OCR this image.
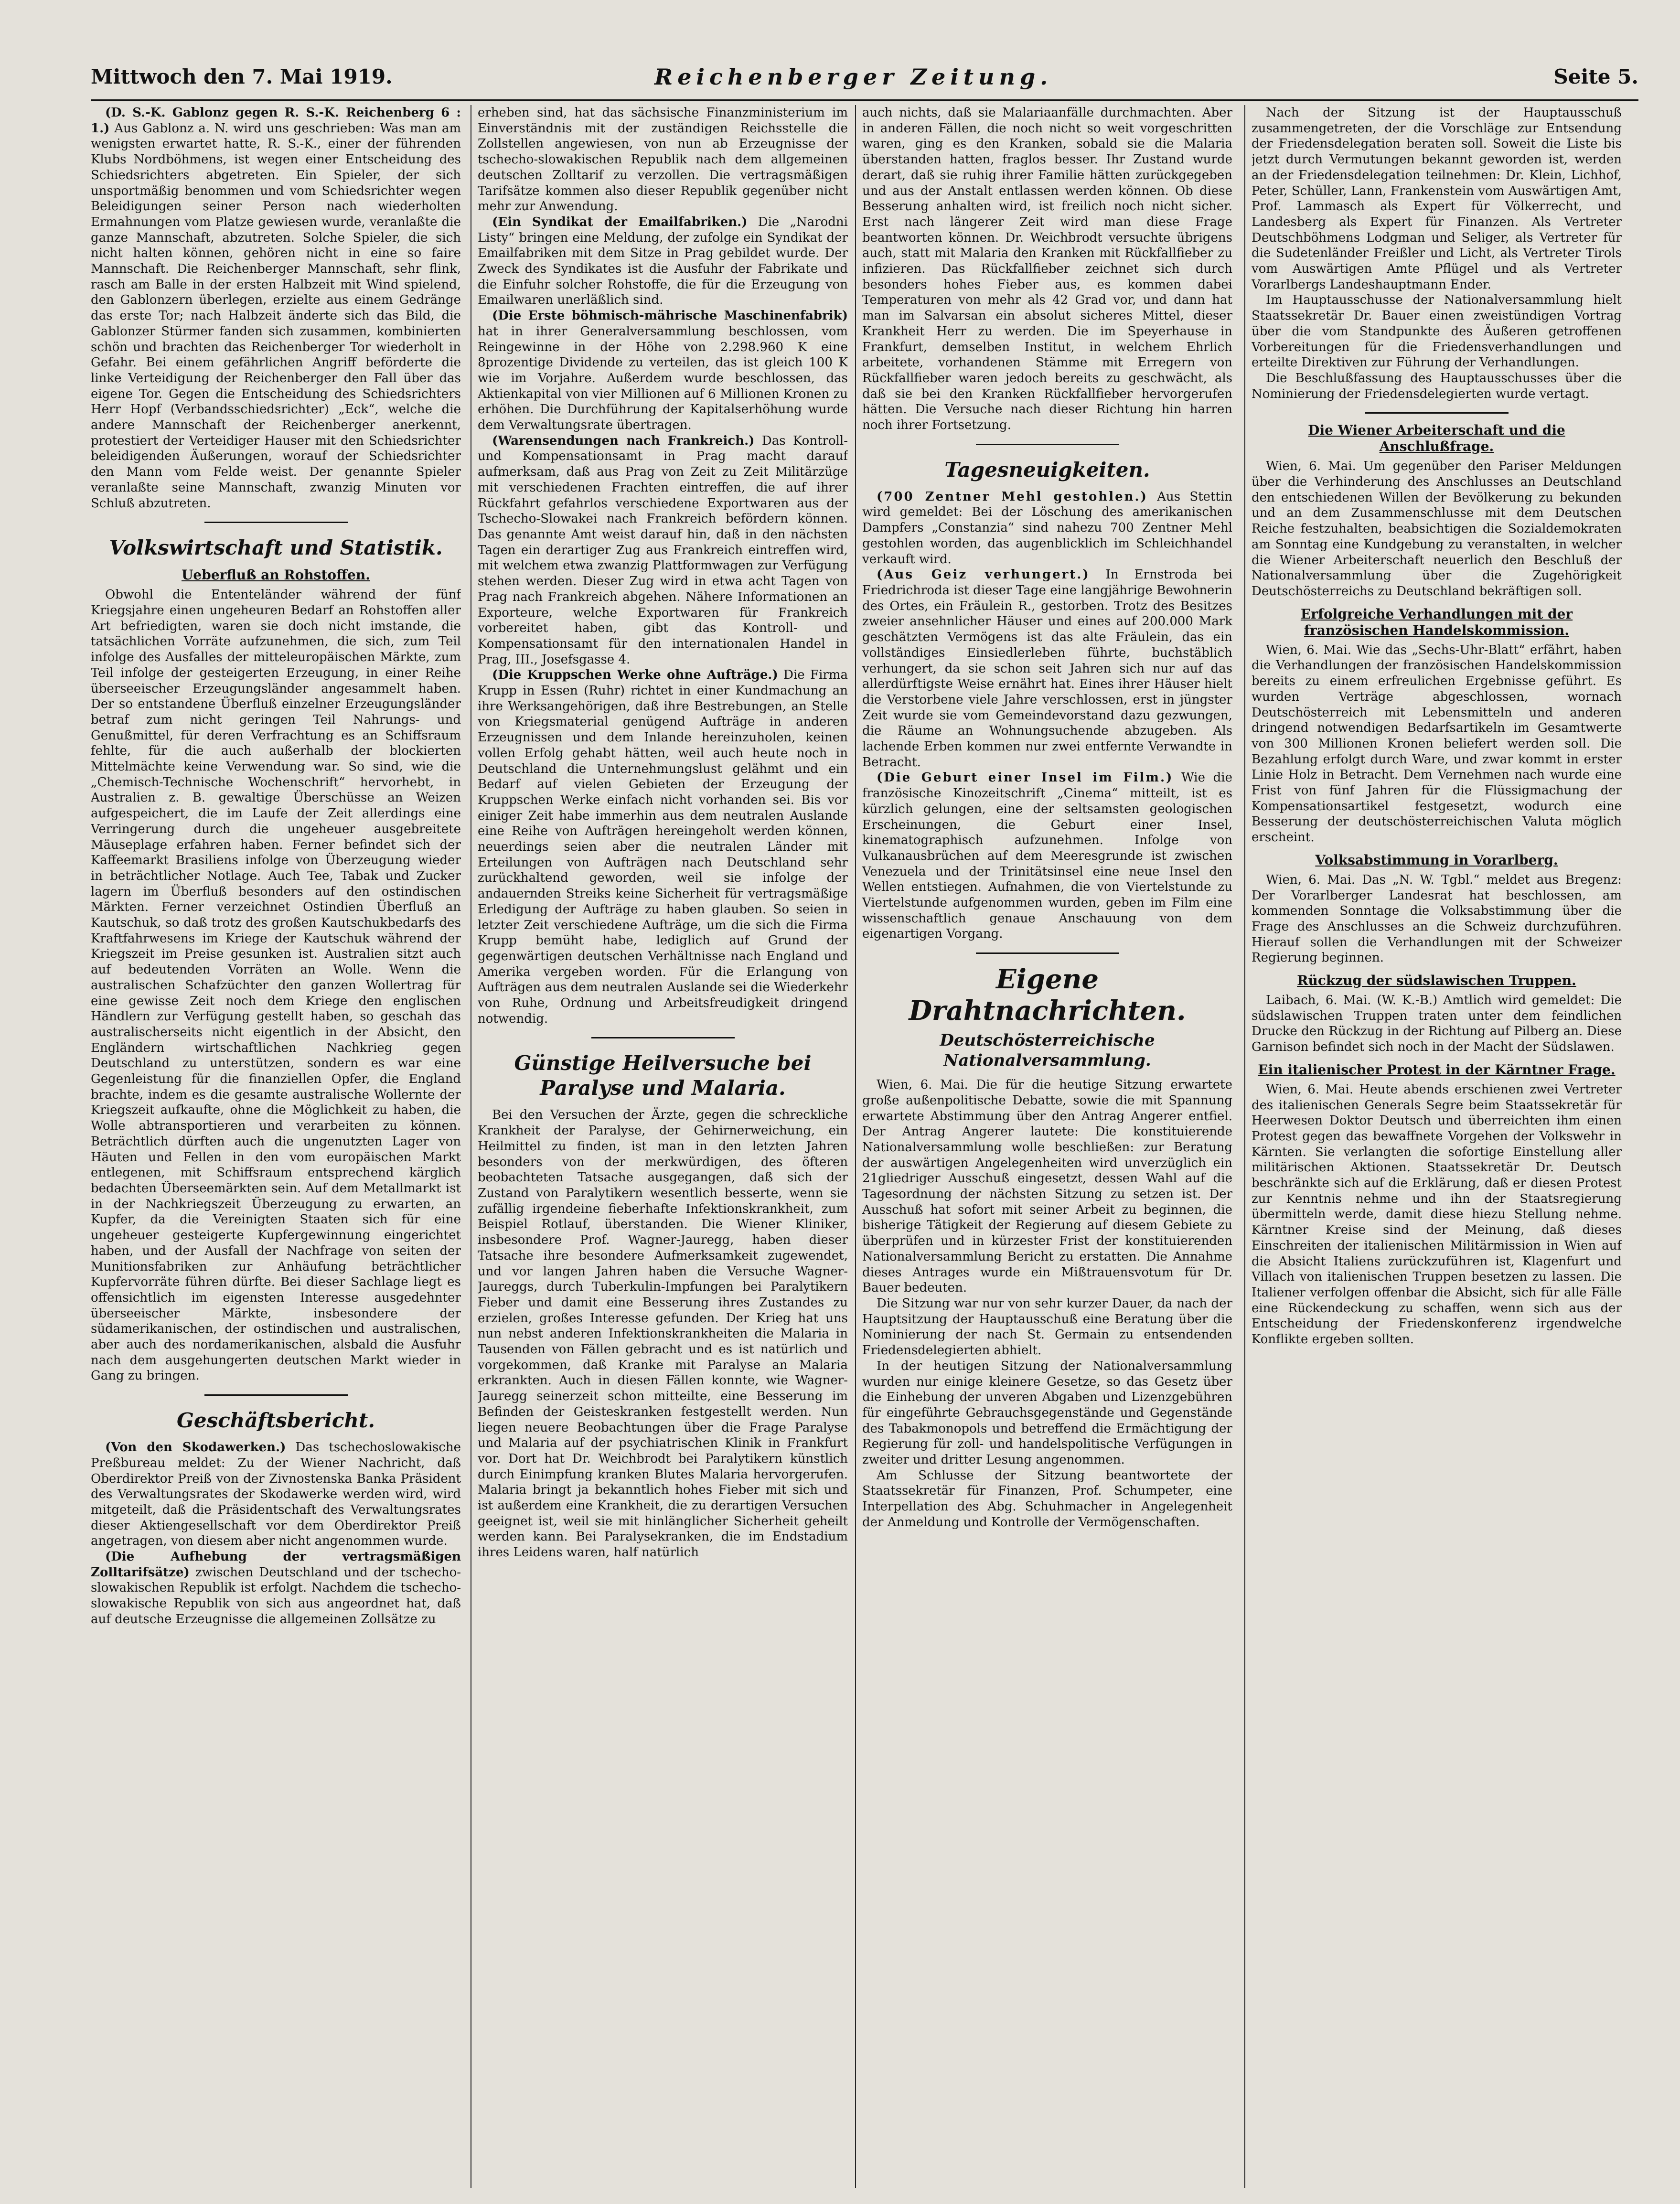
Mittwoch den 7. Mai 1919.	Reichenberger Zeitung.	Seite 5.

(D. S.-K. Gablonz gegen R. S.-K. Reichenberg 6 : 1.) Aus Gablonz a. N. wird uns geschrieben: Was man am wenigsten erwartet hatte, R. S.-K., einer der führenden Klubs Nordböhmens, ist wegen einer Entscheidung des Schiedsrichters abgetreten. Ein Spieler, der sich unsportmäßig benommen und vom Schiedsrichter wegen Beleidigungen seiner Person nach wiederholten Ermahnungen vom Platze gewiesen wurde, veranlaßte die ganze Mannschaft, abzutreten. Solche Spieler, die sich nicht halten können, gehören nicht in eine so faire Mannschaft. Die Reichenberger Mannschaft, sehr flink, rasch am Balle in der ersten Halbzeit mit Wind spielend, den Gablonzern überlegen, erzielte aus einem Gedränge das erste Tor; nach Halbzeit änderte sich das Bild, die Gablonzer Stürmer fanden sich zusammen, kombinierten schön und brachten das Reichenberger Tor wiederholt in Gefahr. Bei einem gefährlichen Angriff beförderte die linke Verteidigung der Reichenberger den Fall über das eigene Tor. Gegen die Entscheidung des Schiedsrichters Herr Hopf (Verbandsschiedsrichter) „Eck“, welche die andere Mannschaft der Reichenberger anerkennt, protestiert der Verteidiger Hauser mit den Schiedsrichter beleidigenden Äußerungen, worauf der Schiedsrichter den Mann vom Felde weist. Der genannte Spieler veranlaßte seine Mannschaft, zwanzig Minuten vor Schluß abzutreten.

Volkswirtschaft und Statistik.
Ueberfluß an Rohstoffen.

Obwohl die Ententeländer während der fünf Kriegsjahre einen ungeheuren Bedarf an Rohstoffen aller Art befriedigten, waren sie doch nicht imstande, die tatsächlichen Vorräte aufzunehmen, die sich, zum Teil infolge des Ausfalles der mitteleuropäischen Märkte, zum Teil infolge der gesteigerten Erzeugung, in einer Reihe überseeischer Erzeugungsländer angesammelt haben. Der so entstandene Überfluß einzelner Erzeugungsländer betraf zum nicht geringen Teil Nahrungs- und Genußmittel, für deren Verfrachtung es an Schiffsraum fehlte, für die auch außerhalb der blockierten Mittelmächte keine Verwendung war. So sind, wie die „Chemisch-Technische Wochenschrift“ hervorhebt, in Australien z. B. gewaltige Überschüsse an Weizen aufgespeichert, die im Laufe der Zeit allerdings eine Verringerung durch die ungeheuer ausgebreitete Mäuseplage erfahren haben. Ferner befindet sich der Kaffeemarkt Brasiliens infolge von Überzeugung wieder in beträchtlicher Notlage. Auch Tee, Tabak und Zucker lagern im Überfluß besonders auf den ostindischen Märkten. Ferner verzeichnet Ostindien Überfluß an Kautschuk, so daß trotz des großen Kautschukbedarfs des Kraftfahrwesens im Kriege der Kautschuk während der Kriegszeit im Preise gesunken ist. Australien sitzt auch auf bedeutenden Vorräten an Wolle. Wenn die australischen Schafzüchter den ganzen Wollertrag für eine gewisse Zeit noch dem Kriege den englischen Händlern zur Verfügung gestellt haben, so geschah das australischerseits nicht eigentlich in der Absicht, den Engländern wirtschaftlichen Nachkrieg gegen Deutschland zu unterstützen, sondern es war eine Gegenleistung für die finanziellen Opfer, die England brachte, indem es die gesamte australische Wollernte der Kriegszeit aufkaufte, ohne die Möglichkeit zu haben, die Wolle abtransportieren und verarbeiten zu können. Beträchtlich dürften auch die ungenutzten Lager von Häuten und Fellen in den vom europäischen Markt entlegenen, mit Schiffsraum entsprechend kärglich bedachten Überseemärkten sein. Auf dem Metallmarkt ist in der Nachkriegszeit Überzeugung zu erwarten, an Kupfer, da die Vereinigten Staaten sich für eine ungeheuer gesteigerte Kupfergewinnung eingerichtet haben, und der Ausfall der Nachfrage von seiten der Munitionsfabriken zur Anhäufung beträchtlicher Kupfervorräte führen dürfte. Bei dieser Sachlage liegt es offensichtlich im eigensten Interesse ausgedehnter überseeischer Märkte, insbesondere der südamerikanischen, der ostindischen und australischen, aber auch des nordamerikanischen, alsbald die Ausfuhr nach dem ausgehungerten deutschen Markt wieder in Gang zu bringen.

Geschäftsbericht.

(Von den Skodawerken.) Das tschechoslowakische Preßbureau meldet: Zu der Wiener Nachricht, daß Oberdirektor Preiß von der Zivnostenska Banka Präsident des Verwaltungsrates der Skodawerke werden wird, wird mitgeteilt, daß die Präsidentschaft des Verwaltungsrates dieser Aktiengesellschaft vor dem Oberdirektor Preiß angetragen, von diesem aber nicht angenommen wurde.

(Die Aufhebung der vertragsmäßigen Zolltarifsätze) zwischen Deutschland und der tschecho-slowakischen Republik ist erfolgt. Nachdem die tschecho-slowakische Republik von sich aus angeordnet hat, daß auf deutsche Erzeugnisse die allgemeinen Zollsätze zu

erheben sind, hat das sächsische Finanzministerium im Einverständnis mit der zuständigen Reichsstelle die Zollstellen angewiesen, von nun ab Erzeugnisse der tschecho-slowakischen Republik nach dem allgemeinen deutschen Zolltarif zu verzollen. Die vertragsmäßigen Tarifsätze kommen also dieser Republik gegenüber nicht mehr zur Anwendung.

(Ein Syndikat der Emailfabriken.) Die „Narodni Listy“ bringen eine Meldung, der zufolge ein Syndikat der Emailfabriken mit dem Sitze in Prag gebildet wurde. Der Zweck des Syndikates ist die Ausfuhr der Fabrikate und die Einfuhr solcher Rohstoffe, die für die Erzeugung von Emailwaren unerläßlich sind.

(Die Erste böhmisch-mährische Maschinenfabrik) hat in ihrer Generalversammlung beschlossen, vom Reingewinne in der Höhe von 2.298.960 K eine 8prozentige Dividende zu verteilen, das ist gleich 100 K wie im Vorjahre. Außerdem wurde beschlossen, das Aktienkapital von vier Millionen auf 6 Millionen Kronen zu erhöhen. Die Durchführung der Kapitalserhöhung wurde dem Verwaltungsrate übertragen.

(Warensendungen nach Frankreich.) Das Kontroll- und Kompensationsamt in Prag macht darauf aufmerksam, daß aus Prag von Zeit zu Zeit Militärzüge mit verschiedenen Frachten eintreffen, die auf ihrer Rückfahrt gefahrlos verschiedene Exportwaren aus der Tschecho-Slowakei nach Frankreich befördern können. Das genannte Amt weist darauf hin, daß in den nächsten Tagen ein derartiger Zug aus Frankreich eintreffen wird, mit welchem etwa zwanzig Plattformwagen zur Verfügung stehen werden. Dieser Zug wird in etwa acht Tagen von Prag nach Frankreich abgehen. Nähere Informationen an Exporteure, welche Exportwaren für Frankreich vorbereitet haben, gibt das Kontroll- und Kompensationsamt für den internationalen Handel in Prag, III., Josefsgasse 4.

(Die Kruppschen Werke ohne Aufträge.) Die Firma Krupp in Essen (Ruhr) richtet in einer Kundmachung an ihre Werksangehörigen, daß ihre Bestrebungen, an Stelle von Kriegsmaterial genügend Aufträge in anderen Erzeugnissen und dem Inlande hereinzuholen, keinen vollen Erfolg gehabt hätten, weil auch heute noch in Deutschland die Unternehmungslust gelähmt und ein Bedarf auf vielen Gebieten der Erzeugung der Kruppschen Werke einfach nicht vorhanden sei. Bis vor einiger Zeit habe immerhin aus dem neutralen Auslande eine Reihe von Aufträgen hereingeholt werden können, neuerdings seien aber die neutralen Länder mit Erteilungen von Aufträgen nach Deutschland sehr zurückhaltend geworden, weil sie infolge der andauernden Streiks keine Sicherheit für vertragsmäßige Erledigung der Aufträge zu haben glauben. So seien in letzter Zeit verschiedene Aufträge, um die sich die Firma Krupp bemüht habe, lediglich auf Grund der gegenwärtigen deutschen Verhältnisse nach England und Amerika vergeben worden. Für die Erlangung von Aufträgen aus dem neutralen Auslande sei die Wiederkehr von Ruhe, Ordnung und Arbeitsfreudigkeit dringend notwendig.

Günstige Heilversuche bei Paralyse und Malaria.

Bei den Versuchen der Ärzte, gegen die schreckliche Krankheit der Paralyse, der Gehirnerweichung, ein Heilmittel zu finden, ist man in den letzten Jahren besonders von der merkwürdigen, des öfteren beobachteten Tatsache ausgegangen, daß sich der Zustand von Paralytikern wesentlich besserte, wenn sie zufällig irgendeine fieberhafte Infektionskrankheit, zum Beispiel Rotlauf, überstanden. Die Wiener Kliniker, insbesondere Prof. Wagner-Jauregg, haben dieser Tatsache ihre besondere Aufmerksamkeit zugewendet, und vor langen Jahren haben die Versuche Wagner-Jaureggs, durch Tuberkulin-Impfungen bei Paralytikern Fieber und damit eine Besserung ihres Zustandes zu erzielen, großes Interesse gefunden. Der Krieg hat uns nun nebst anderen Infektionskrankheiten die Malaria in Tausenden von Fällen gebracht und es ist natürlich und vorgekommen, daß Kranke mit Paralyse an Malaria erkrankten. Auch in diesen Fällen konnte, wie Wagner-Jauregg seinerzeit schon mitteilte, eine Besserung im Befinden der Geisteskranken festgestellt werden. Nun liegen neuere Beobachtungen über die Frage Paralyse und Malaria auf der psychiatrischen Klinik in Frankfurt vor. Dort hat Dr. Weichbrodt bei Paralytikern künstlich durch Einimpfung kranken Blutes Malaria hervorgerufen. Malaria bringt ja bekanntlich hohes Fieber mit sich und ist außerdem eine Krankheit, die zu derartigen Versuchen geeignet ist, weil sie mit hinlänglicher Sicherheit geheilt werden kann. Bei Paralysekranken, die im Endstadium ihres Leidens waren, half natürlich

auch nichts, daß sie Malariaanfälle durchmachten. Aber in anderen Fällen, die noch nicht so weit vorgeschritten waren, ging es den Kranken, sobald sie die Malaria überstanden hatten, fraglos besser. Ihr Zustand wurde derart, daß sie ruhig ihrer Familie hätten zurückgegeben und aus der Anstalt entlassen werden können. Ob diese Besserung anhalten wird, ist freilich noch nicht sicher. Erst nach längerer Zeit wird man diese Frage beantworten können. Dr. Weichbrodt versuchte übrigens auch, statt mit Malaria den Kranken mit Rückfallfieber zu infizieren. Das Rückfallfieber zeichnet sich durch besonders hohes Fieber aus, es kommen dabei Temperaturen von mehr als 42 Grad vor, und dann hat man im Salvarsan ein absolut sicheres Mittel, dieser Krankheit Herr zu werden. Die im Speyerhause in Frankfurt, demselben Institut, in welchem Ehrlich arbeitete, vorhandenen Stämme mit Erregern von Rückfallfieber waren jedoch bereits zu geschwächt, als daß sie bei den Kranken Rückfallfieber hervorgerufen hätten. Die Versuche nach dieser Richtung hin harren noch ihrer Fortsetzung.

Tagesneuigkeiten.

(700 Zentner Mehl gestohlen.) Aus Stettin wird gemeldet: Bei der Löschung des amerikanischen Dampfers „Constanzia“ sind nahezu 700 Zentner Mehl gestohlen worden, das augenblicklich im Schleichhandel verkauft wird.

(Aus Geiz verhungert.) In Ernstroda bei Friedrichroda ist dieser Tage eine langjährige Bewohnerin des Ortes, ein Fräulein R., gestorben. Trotz des Besitzes zweier ansehnlicher Häuser und eines auf 200.000 Mark geschätzten Vermögens ist das alte Fräulein, das ein vollständiges Einsiedlerleben führte, buchstäblich verhungert, da sie schon seit Jahren sich nur auf das allerdürftigste Weise ernährt hat. Eines ihrer Häuser hielt die Verstorbene viele Jahre verschlossen, erst in jüngster Zeit wurde sie vom Gemeindevorstand dazu gezwungen, die Räume an Wohnungsuchende abzugeben. Als lachende Erben kommen nur zwei entfernte Verwandte in Betracht.

(Die Geburt einer Insel im Film.) Wie die französische Kinozeitschrift „Cinema“ mitteilt, ist es kürzlich gelungen, eine der seltsamsten geologischen Erscheinungen, die Geburt einer Insel, kinematographisch aufzunehmen. Infolge von Vulkanausbrüchen auf dem Meeresgrunde ist zwischen Venezuela und der Trinitätsinsel eine neue Insel den Wellen entstiegen. Aufnahmen, die von Viertelstunde zu Viertelstunde aufgenommen wurden, geben im Film eine wissenschaftlich genaue Anschauung von dem eigenartigen Vorgang.

Eigene Drahtnachrichten.
Deutschösterreichische Nationalversammlung.

Wien, 6. Mai. Die für die heutige Sitzung erwartete große außenpolitische Debatte, sowie die mit Spannung erwartete Abstimmung über den Antrag Angerer entfiel. Der Antrag Angerer lautete: Die konstituierende Nationalversammlung wolle beschließen: zur Beratung der auswärtigen Angelegenheiten wird unverzüglich ein 21gliedriger Ausschuß eingesetzt, dessen Wahl auf die Tagesordnung der nächsten Sitzung zu setzen ist. Der Ausschuß hat sofort mit seiner Arbeit zu beginnen, die bisherige Tätigkeit der Regierung auf diesem Gebiete zu überprüfen und in kürzester Frist der konstituierenden Nationalversammlung Bericht zu erstatten. Die Annahme dieses Antrages wurde ein Mißtrauensvotum für Dr. Bauer bedeuten.

Die Sitzung war nur von sehr kurzer Dauer, da nach der Hauptsitzung der Hauptausschuß eine Beratung über die Nominierung der nach St. Germain zu entsendenden Friedensdelegierten abhielt.

In der heutigen Sitzung der Nationalversammlung wurden nur einige kleinere Gesetze, so das Gesetz über die Einhebung der unveren Abgaben und Lizenzgebühren für eingeführte Gebrauchsgegenstände und Gegenstände des Tabakmonopols und betreffend die Ermächtigung der Regierung für zoll- und handelspolitische Verfügungen in zweiter und dritter Lesung angenommen.

Am Schlusse der Sitzung beantwortete der Staatssekretär für Finanzen, Prof. Schumpeter, eine Interpellation des Abg. Schuhmacher in Angelegenheit der Anmeldung und Kontrolle der Vermögenschaften.

Nach der Sitzung ist der Hauptausschuß zusammengetreten, der die Vorschläge zur Entsendung der Friedensdelegation beraten soll. Soweit die Liste bis jetzt durch Vermutungen bekannt geworden ist, werden an der Friedensdelegation teilnehmen: Dr. Klein, Lichhof, Peter, Schüller, Lann, Frankenstein vom Auswärtigen Amt, Prof. Lammasch als Expert für Völkerrecht, und Landesberg als Expert für Finanzen. Als Vertreter Deutschböhmens Lodgman und Seliger, als Vertreter für die Sudetenländer Freißler und Licht, als Vertreter Tirols vom Auswärtigen Amte Pflügel und als Vertreter Vorarlbergs Landeshauptmann Ender.

Im Hauptausschusse der Nationalversammlung hielt Staatssekretär Dr. Bauer einen zweistündigen Vortrag über die vom Standpunkte des Äußeren getroffenen Vorbereitungen für die Friedensverhandlungen und erteilte Direktiven zur Führung der Verhandlungen.

Die Beschlußfassung des Hauptausschusses über die Nominierung der Friedensdelegierten wurde vertagt.

Die Wiener Arbeiterschaft und die Anschlußfrage.

Wien, 6. Mai. Um gegenüber den Pariser Meldungen über die Verhinderung des Anschlusses an Deutschland den entschiedenen Willen der Bevölkerung zu bekunden und an dem Zusammenschlusse mit dem Deutschen Reiche festzuhalten, beabsichtigen die Sozialdemokraten am Sonntag eine Kundgebung zu veranstalten, in welcher die Wiener Arbeiterschaft neuerlich den Beschluß der Nationalversammlung über die Zugehörigkeit Deutschösterreichs zu Deutschland bekräftigen soll.

Erfolgreiche Verhandlungen mit der französischen Handelskommission.

Wien, 6. Mai. Wie das „Sechs-Uhr-Blatt“ erfährt, haben die Verhandlungen der französischen Handelskommission bereits zu einem erfreulichen Ergebnisse geführt. Es wurden Verträge abgeschlossen, wornach Deutschösterreich mit Lebensmitteln und anderen dringend notwendigen Bedarfsartikeln im Gesamtwerte von 300 Millionen Kronen beliefert werden soll. Die Bezahlung erfolgt durch Ware, und zwar kommt in erster Linie Holz in Betracht. Dem Vernehmen nach wurde eine Frist von fünf Jahren für die Flüssigmachung der Kompensationsartikel festgesetzt, wodurch eine Besserung der deutschösterreichischen Valuta möglich erscheint.

Volksabstimmung in Vorarlberg.

Wien, 6. Mai. Das „N. W. Tgbl.“ meldet aus Bregenz: Der Vorarlberger Landesrat hat beschlossen, am kommenden Sonntage die Volksabstimmung über die Frage des Anschlusses an die Schweiz durchzuführen. Hierauf sollen die Verhandlungen mit der Schweizer Regierung beginnen.

Rückzug der südslawischen Truppen.

Laibach, 6. Mai. (W. K.-B.) Amtlich wird gemeldet: Die südslawischen Truppen traten unter dem feindlichen Drucke den Rückzug in der Richtung auf Pilberg an. Diese Garnison befindet sich noch in der Macht der Südslawen.

Ein italienischer Protest in der Kärntner Frage.

Wien, 6. Mai. Heute abends erschienen zwei Vertreter des italienischen Generals Segre beim Staatssekretär für Heerwesen Doktor Deutsch und überreichten ihm einen Protest gegen das bewaffnete Vorgehen der Volkswehr in Kärnten. Sie verlangten die sofortige Einstellung aller militärischen Aktionen. Staatssekretär Dr. Deutsch beschränkte sich auf die Erklärung, daß er diesen Protest zur Kenntnis nehme und ihn der Staatsregierung übermitteln werde, damit diese hiezu Stellung nehme. Kärntner Kreise sind der Meinung, daß dieses Einschreiten der italienischen Militärmission in Wien auf die Absicht Italiens zurückzuführen ist, Klagenfurt und Villach von italienischen Truppen besetzen zu lassen. Die Italiener verfolgen offenbar die Absicht, sich für alle Fälle eine Rückendeckung zu schaffen, wenn sich aus der Entscheidung der Friedenskonferenz irgendwelche Konflikte ergeben sollten.
